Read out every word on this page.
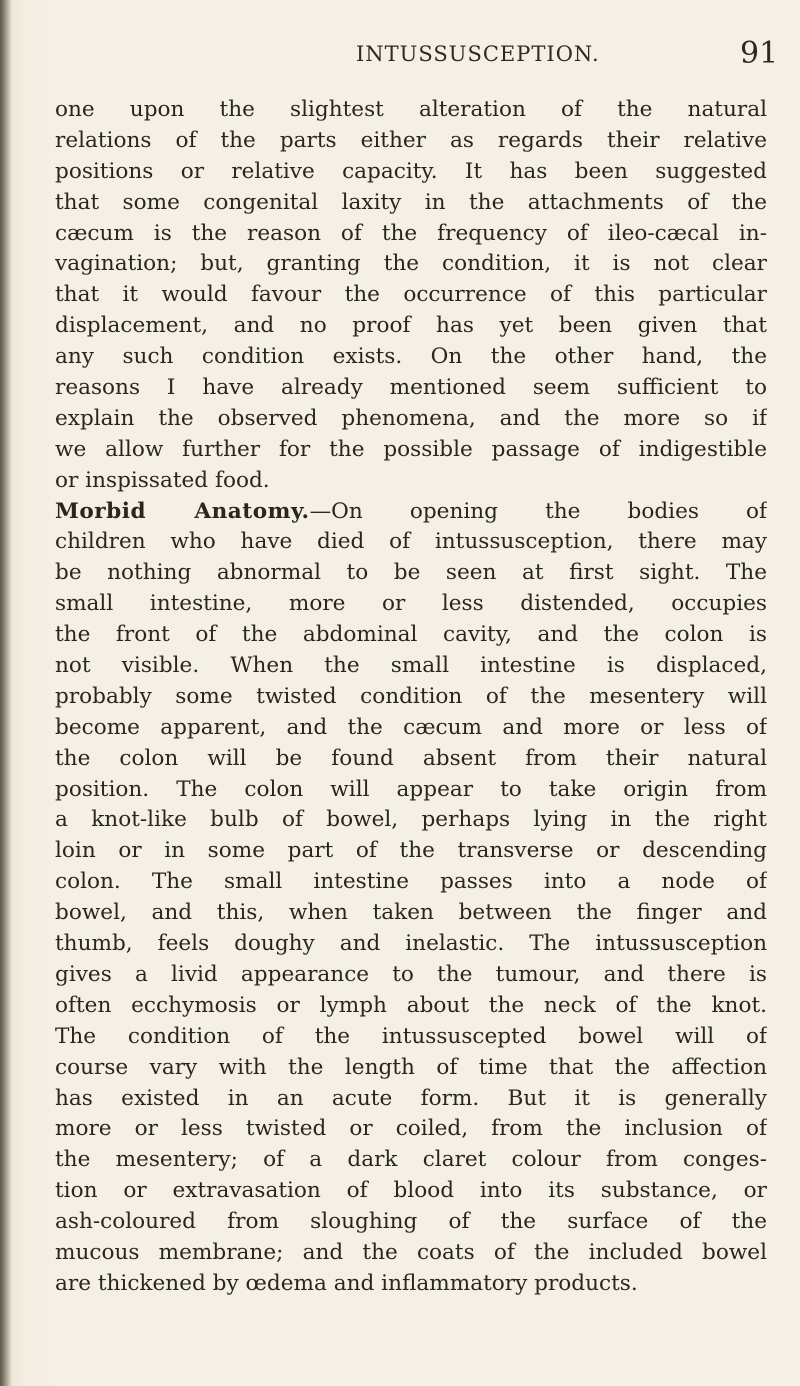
INTUSSUSCEPTION.	91
one upon the slightest alteration of the natural
relations of the parts either as regards their relative
positions or relative capacity. It has been suggested
that some congenital laxity in the attachments of the
cæcum is the reason of the frequency of ileo-cæcal in-
vagination; but, granting the condition, it is not clear
that it would favour the occurrence of this particular
displacement, and no proof has yet been given that
any such condition exists. On the other hand, the
reasons I have already mentioned seem sufficient to
explain the observed phenomena, and the more so if
we allow further for the possible passage of indigestible
or inspissated food.
Morbid Anatomy.—On opening the bodies of
children who have died of intussusception, there may
be nothing abnormal to be seen at first sight. The
small intestine, more or less distended, occupies
the front of the abdominal cavity, and the colon is
not visible. When the small intestine is displaced,
probably some twisted condition of the mesentery will
become apparent, and the cæcum and more or less of
the colon will be found absent from their natural
position. The colon will appear to take origin from
a knot-like bulb of bowel, perhaps lying in the right
loin or in some part of the transverse or descending
colon. The small intestine passes into a node of
bowel, and this, when taken between the finger and
thumb, feels doughy and inelastic. The intussusception
gives a livid appearance to the tumour, and there is
often ecchymosis or lymph about the neck of the knot.
The condition of the intussuscepted bowel will of
course vary with the length of time that the affection
has existed in an acute form. But it is generally
more or less twisted or coiled, from the inclusion of
the mesentery; of a dark claret colour from conges-
tion or extravasation of blood into its substance, or
ash-coloured from sloughing of the surface of the
mucous membrane; and the coats of the included bowel
are thickened by œdema and inflammatory products.
